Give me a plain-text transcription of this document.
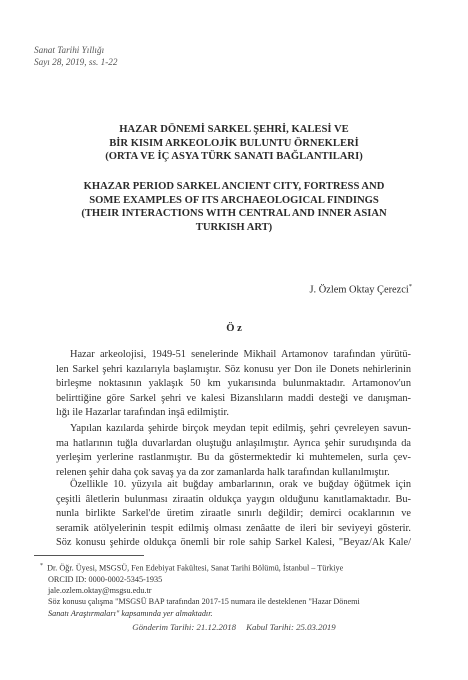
Sanat Tarihi Yıllığı
Sayı 28, 2019, ss. 1-22
HAZAR DÖNEMİ SARKEL ŞEHRİ, KALESİ VE
BİR KISIM ARKEOLOJİK BULUNTU ÖRNEKLERİ
(ORTA VE İÇ ASYA TÜRK SANATI BAĞLANTILARI)
KHAZAR PERIOD SARKEL ANCIENT CITY, FORTRESS AND
SOME EXAMPLES OF ITS ARCHAEOLOGICAL FINDINGS
(THEIR INTERACTIONS WITH CENTRAL AND INNER ASIAN
TURKISH ART)
J. Özlem Oktay Çerezci*
Ö z
Hazar arkeolojisi, 1949-51 senelerinde Mikhail Artamonov tarafından yürütü-
len Sarkel şehri kazılarıyla başlamıştır. Söz konusu yer Don ile Donets nehirlerinin
birleşme noktasının yaklaşık 50 km yukarısında bulunmaktadır. Artamonov'un
belirttiğine göre Sarkel şehri ve kalesi Bizanslıların maddi desteği ve danışman-
lığı ile Hazarlar tarafından inşâ edilmiştir.
Yapılan kazılarda şehirde birçok meydan tepit edilmiş, şehri çevreleyen savun-
ma hatlarının tuğla duvarlardan oluştuğu anlaşılmıştır. Ayrıca şehir surudışında da
yerleşim yerlerine rastlanmıştır. Bu da göstermektedir ki muhtemelen, surla çev-
relenen şehir daha çok savaş ya da zor zamanlarda halk tarafından kullanılmıştır.
Özellikle 10. yüzyıla ait buğday ambarlarının, orak ve buğday öğütmek için
çeşitli âletlerin bulunması ziraatin oldukça yaygın olduğunu kanıtlamaktadır. Bu-
nunla birlikte Sarkel'de üretim ziraatle sınırlı değildir; demirci ocaklarının ve
seramik atölyelerinin tespit edilmiş olması zenâatte de ileri bir seviyeyi gösterir.
Söz konusu şehirde oldukça önemli bir role sahip Sarkel Kalesi, "Beyaz/Ak Kale/
* Dr. Öğr. Üyesi, MSGSÜ, Fen Edebiyat Fakültesi, Sanat Tarihi Bölümü, İstanbul – Türkiye
ORCID ID: 0000-0002-5345-1935
jale.ozlem.oktay@msgsu.edu.tr
Söz konusu çalışma "MSGSÜ BAP tarafından 2017-15 numara ile desteklenen "Hazar Dönemi
Sanatı Araştırmaları" kapsamında yer almaktadır.
Gönderim Tarihi: 21.12.2018 Kabul Tarihi: 25.03.2019
